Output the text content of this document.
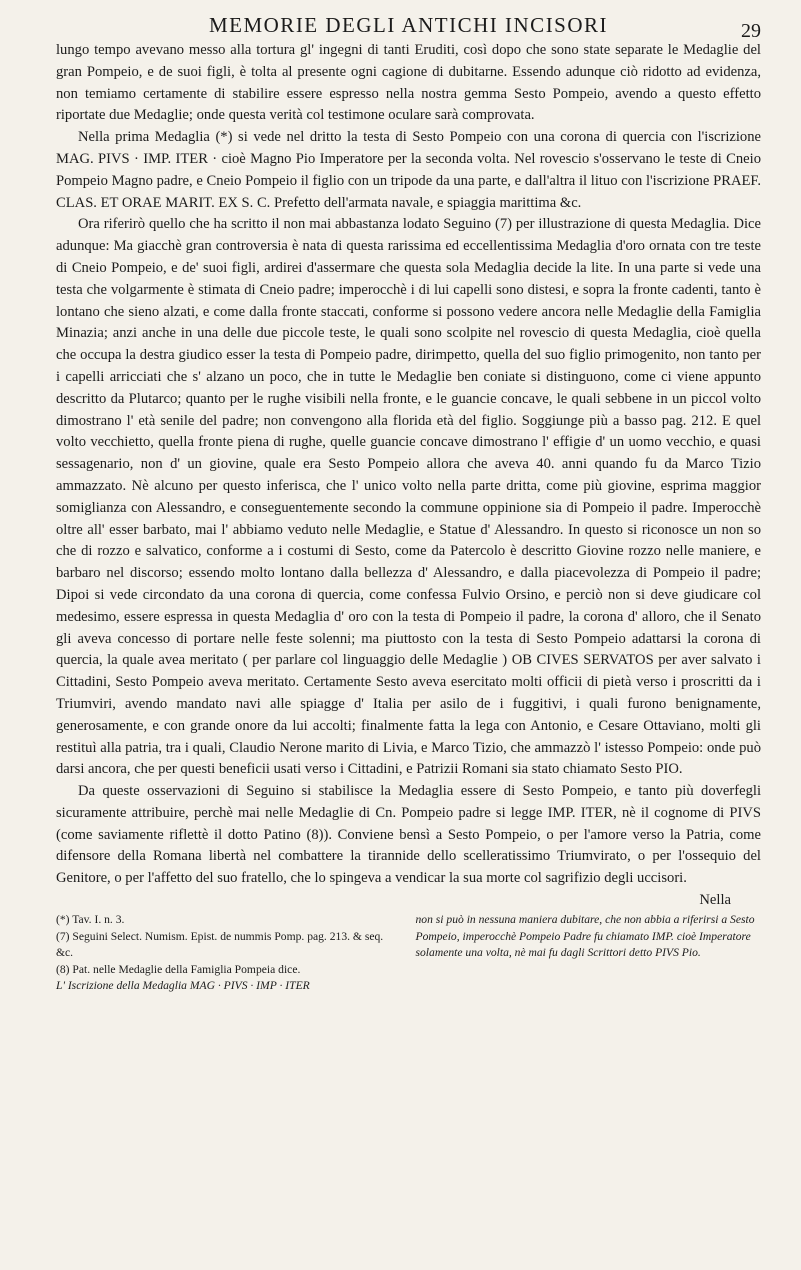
MEMORIE DEGLI ANTICHI INCISORI	29

lungo tempo avevano messo alla tortura gl' ingegni di tanti Eruditi, così dopo che sono state separate le Medaglie del gran Pompeio, e de suoi figli, è tolta al presente ogni cagione di dubitarne. Essendo adunque ciò ridotto ad evidenza, non temiamo certamente di stabilire essere espresso nella nostra gemma Sesto Pompeio, avendo a questo effetto riportate due Medaglie; onde questa verità col testimone oculare sarà comprovata.

Nella prima Medaglia (*) si vede nel dritto la testa di Sesto Pompeio con una corona di quercia con l'iscrizione MAG. PIVS · IMP. ITER · cioè Magno Pio Imperatore per la seconda volta. Nel rovescio s'osservano le teste di Cneio Pompeio Magno padre, e Cneio Pompeio il figlio con un tripode da una parte, e dall'altra il lituo con l'iscrizione PRAEF. CLAS. ET ORAE MARIT. EX S. C. Prefetto dell'armata navale, e spiaggia marittima &c.

Ora riferirò quello che ha scritto il non mai abbastanza lodato Seguino (7) per illustrazione di questa Medaglia. Dice adunque: Ma giacchè gran controversia è nata di questa rarissima ed eccellentissima Medaglia d'oro ornata con tre teste di Cneio Pompeio, e de' suoi figli, ardirei d'assermare che questa sola Medaglia decide la lite. In una parte si vede una testa che volgarmente è stimata di Cneio padre; imperocchè i di lui capelli sono distesi, e sopra la fronte cadenti, tanto è lontano che sieno alzati, e come dalla fronte staccati, conforme si possono vedere ancora nelle Medaglie della Famiglia Minazia; anzi anche in una delle due piccole teste, le quali sono scolpite nel rovescio di questa Medaglia, cioè quella che occupa la destra giudico esser la testa di Pompeio padre, dirimpetto, quella del suo figlio primogenito, non tanto per i capelli arricciati che s' alzano un poco, che in tutte le Medaglie ben coniate si distinguono, come ci viene appunto descritto da Plutarco; quanto per le rughe visibili nella fronte, e le guancie concave, le quali sebbene in un piccol volto dimostrano l' età senile del padre; non convengono alla florida età del figlio. Soggiunge più a basso pag. 212. E quel volto vecchietto, quella fronte piena di rughe, quelle guancie concave dimostrano l' effigie d' un uomo vecchio, e quasi sessagenario, non d' un giovine, quale era Sesto Pompeio allora che aveva 40. anni quando fu da Marco Tizio ammazzato. Nè alcuno per questo inferisca, che l' unico volto nella parte dritta, come più giovine, esprima maggior somiglianza con Alessandro, e conseguentemente secondo la commune oppinione sia di Pompeio il padre. Imperocchè oltre all' esser barbato, mai l' abbiamo veduto nelle Medaglie, e Statue d' Alessandro. In questo si riconosce un non so che di rozzo e salvatico, conforme a i costumi di Sesto, come da Patercolo è descritto Giovine rozzo nelle maniere, e barbaro nel discorso; essendo molto lontano dalla bellezza d' Alessandro, e dalla piacevolezza di Pompeio il padre; Dipoi si vede circondato da una corona di quercia, come confessa Fulvio Orsino, e perciò non si deve giudicare col medesimo, essere espressa in questa Medaglia d' oro con la testa di Pompeio il padre, la corona d' alloro, che il Senato gli aveva concesso di portare nelle feste solenni; ma piuttosto con la testa di Sesto Pompeio adattarsi la corona di quercia, la quale avea meritato ( per parlare col linguaggio delle Medaglie ) OB CIVES SERVATOS per aver salvato i Cittadini, Sesto Pompeio aveva meritato. Certamente Sesto aveva esercitato molti officii di pietà verso i proscritti da i Triumviri, avendo mandato navi alle spiagge d' Italia per asilo de i fuggitivi, i quali furono benignamente, generosamente, e con grande onore da lui accolti; finalmente fatta la lega con Antonio, e Cesare Ottaviano, molti gli restituì alla patria, tra i quali, Claudio Nerone marito di Livia, e Marco Tizio, che ammazzò l' istesso Pompeio: onde può darsi ancora, che per questi beneficii usati verso i Cittadini, e Patrizii Romani sia stato chiamato Sesto PIO.

Da queste osservazioni di Seguino si stabilisce la Medaglia essere di Sesto Pompeio, e tanto più doverfegli sicuramente attribuire, perchè mai nelle Medaglie di Cn. Pompeio padre si legge IMP. ITER, nè il cognome di PIVS (come saviamente riflettè il dotto Patino (8)). Conviene bensì a Sesto Pompeio, o per l'amore verso la Patria, come difensore della Romana libertà nel combattere la tirannide dello scelleratissimo Triumvirato, o per l'ossequio del Genitore, o per l'affetto del suo fratello, che lo spingeva a vendicar la sua morte col sagrifizio degli uccisori.

Nella

(*) Tav. I. n. 3.

(7) Seguini Select. Numism. Epist. de nummis Pomp. pag. 213. & seq. &c.

(8) Pat. nelle Medaglie della Famiglia Pompeia dice.

L' Iscrizione della Medaglia MAG · PIVS · IMP · ITER

non si può in nessuna maniera dubitare, che non abbia a riferirsi a Sesto Pompeio, imperocchè Pompeio Padre fu chiamato IMP. cioè Imperatore solamente una volta, nè mai fu dagli Scrittori detto PIVS Pio.
